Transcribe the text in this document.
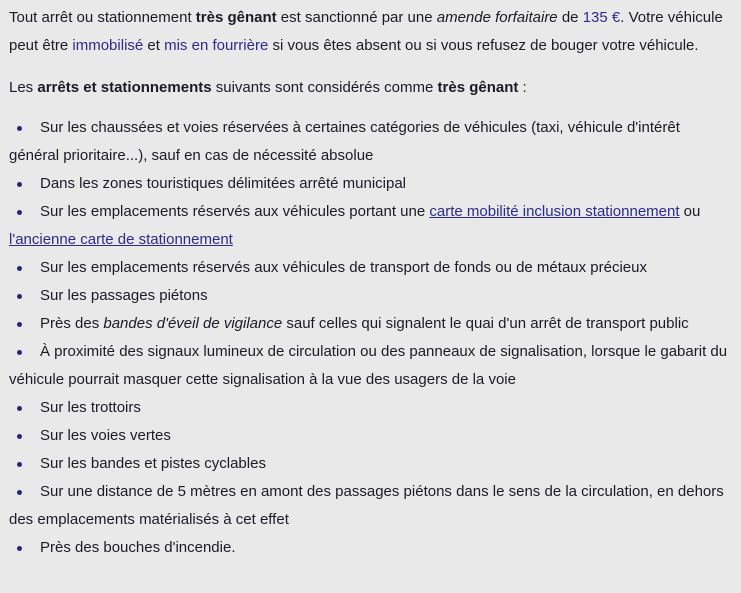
Tout arrêt ou stationnement très gênant est sanctionné par une amende forfaitaire de 135 €. Votre véhicule peut être immobilisé et mis en fourrière si vous êtes absent ou si vous refusez de bouger votre véhicule.

Les arrêts et stationnements suivants sont considérés comme très gênant :

Sur les chaussées et voies réservées à certaines catégories de véhicules (taxi, véhicule d'intérêt général prioritaire...), sauf en cas de nécessité absolue
Dans les zones touristiques délimitées arrêté municipal
Sur les emplacements réservés aux véhicules portant une carte mobilité inclusion stationnement ou l'ancienne carte de stationnement
Sur les emplacements réservés aux véhicules de transport de fonds ou de métaux précieux
Sur les passages piétons
Près des bandes d'éveil de vigilance sauf celles qui signalent le quai d'un arrêt de transport public
À proximité des signaux lumineux de circulation ou des panneaux de signalisation, lorsque le gabarit du véhicule pourrait masquer cette signalisation à la vue des usagers de la voie
Sur les trottoirs
Sur les voies vertes
Sur les bandes et pistes cyclables
Sur une distance de 5 mètres en amont des passages piétons dans le sens de la circulation, en dehors des emplacements matérialisés à cet effet
Près des bouches d'incendie.
